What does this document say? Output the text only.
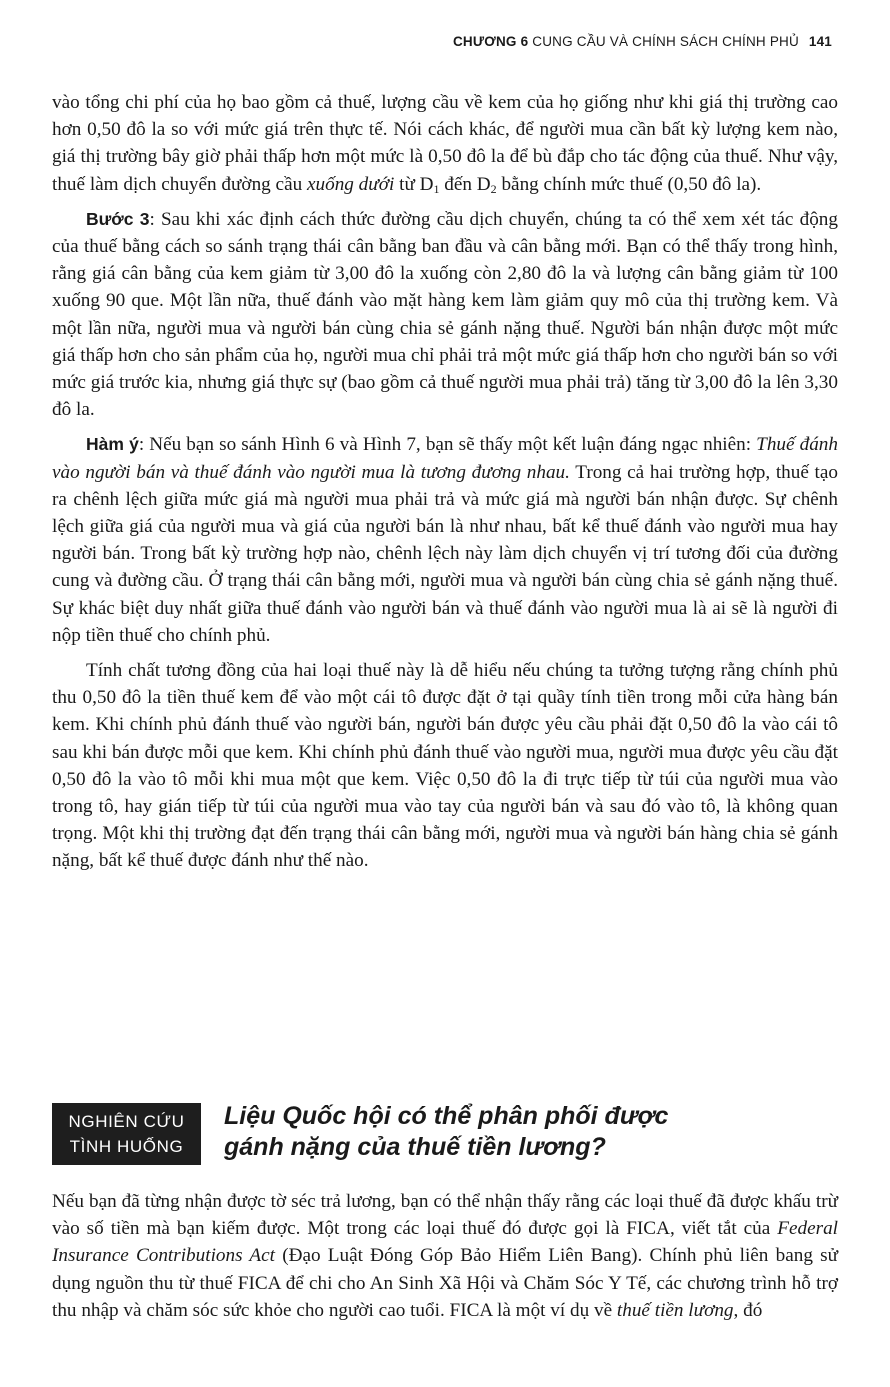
CHƯƠNG 6 CUNG CẦU VÀ CHÍNH SÁCH CHÍNH PHỦ 141

vào tổng chi phí của họ bao gồm cả thuế, lượng cầu về kem của họ giống như khi giá thị trường cao hơn 0,50 đô la so với mức giá trên thực tế. Nói cách khác, để người mua cần bất kỳ lượng kem nào, giá thị trường bây giờ phải thấp hơn một mức là 0,50 đô la để bù đắp cho tác động của thuế. Như vậy, thuế làm dịch chuyển đường cầu xuống dưới từ $D_1$ đến $D_2$ bằng chính mức thuế (0,50 đô la).

Bước 3: Sau khi xác định cách thức đường cầu dịch chuyển, chúng ta có thể xem xét tác động của thuế bằng cách so sánh trạng thái cân bằng ban đầu và cân bằng mới. Bạn có thể thấy trong hình, rằng giá cân bằng của kem giảm từ 3,00 đô la xuống còn 2,80 đô la và lượng cân bằng giảm từ 100 xuống 90 que. Một lần nữa, thuế đánh vào mặt hàng kem làm giảm quy mô của thị trường kem. Và một lần nữa, người mua và người bán cùng chia sẻ gánh nặng thuế. Người bán nhận được một mức giá thấp hơn cho sản phẩm của họ, người mua chỉ phải trả một mức giá thấp hơn cho người bán so với mức giá trước kia, nhưng giá thực sự (bao gồm cả thuế người mua phải trả) tăng từ 3,00 đô la lên 3,30 đô la.

Hàm ý: Nếu bạn so sánh Hình 6 và Hình 7, bạn sẽ thấy một kết luận đáng ngạc nhiên: Thuế đánh vào người bán và thuế đánh vào người mua là tương đương nhau. Trong cả hai trường hợp, thuế tạo ra chênh lệch giữa mức giá mà người mua phải trả và mức giá mà người bán nhận được. Sự chênh lệch giữa giá của người mua và giá của người bán là như nhau, bất kể thuế đánh vào người mua hay người bán. Trong bất kỳ trường hợp nào, chênh lệch này làm dịch chuyển vị trí tương đối của đường cung và đường cầu. Ở trạng thái cân bằng mới, người mua và người bán cùng chia sẻ gánh nặng thuế. Sự khác biệt duy nhất giữa thuế đánh vào người bán và thuế đánh vào người mua là ai sẽ là người đi nộp tiền thuế cho chính phủ.

Tính chất tương đồng của hai loại thuế này là dễ hiểu nếu chúng ta tưởng tượng rằng chính phủ thu 0,50 đô la tiền thuế kem để vào một cái tô được đặt ở tại quầy tính tiền trong mỗi cửa hàng bán kem. Khi chính phủ đánh thuế vào người bán, người bán được yêu cầu phải đặt 0,50 đô la vào cái tô sau khi bán được mỗi que kem. Khi chính phủ đánh thuế vào người mua, người mua được yêu cầu đặt 0,50 đô la vào tô mỗi khi mua một que kem. Việc 0,50 đô la đi trực tiếp từ túi của người mua vào trong tô, hay gián tiếp từ túi của người mua vào tay của người bán và sau đó vào tô, là không quan trọng. Một khi thị trường đạt đến trạng thái cân bằng mới, người mua và người bán hàng chia sẻ gánh nặng, bất kể thuế được đánh như thế nào.

NGHIÊN CỨU
TÌNH HUỐNG
Liệu Quốc hội có thể phân phối được
gánh nặng của thuế tiền lương?

Nếu bạn đã từng nhận được tờ séc trả lương, bạn có thể nhận thấy rằng các loại thuế đã được khấu trừ vào số tiền mà bạn kiếm được. Một trong các loại thuế đó được gọi là FICA, viết tắt của Federal Insurance Contributions Act (Đạo Luật Đóng Góp Bảo Hiểm Liên Bang). Chính phủ liên bang sử dụng nguồn thu từ thuế FICA để chi cho An Sinh Xã Hội và Chăm Sóc Y Tế, các chương trình hỗ trợ thu nhập và chăm sóc sức khỏe cho người cao tuổi. FICA là một ví dụ về thuế tiền lương, đó
